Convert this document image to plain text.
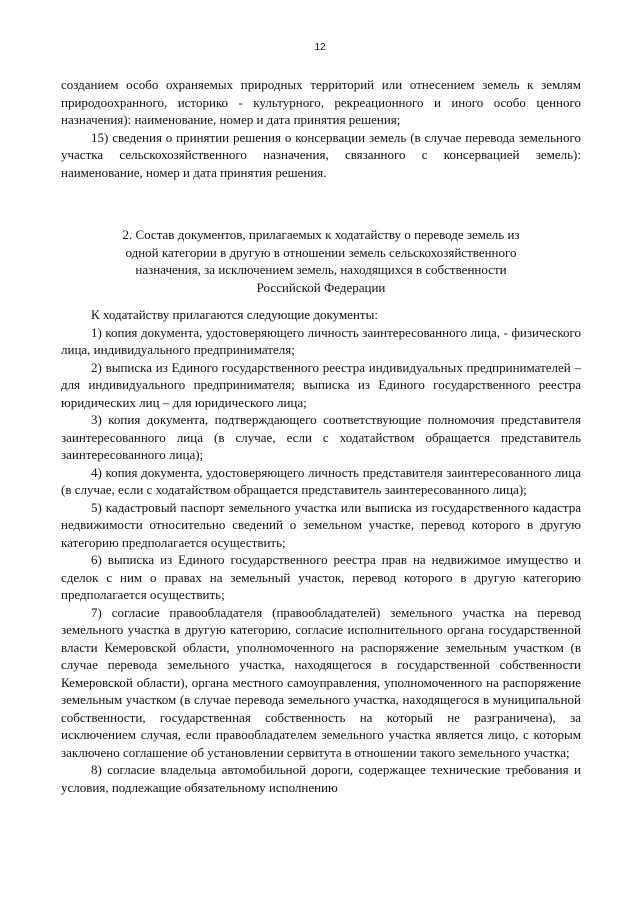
12

созданием особо охраняемых природных территорий или отнесением земель к землям природоохранного, историко - культурного, рекреационного и иного особо ценного назначения): наименование, номер и дата принятия решения;

15) сведения о принятии решения о консервации земель (в случае перевода земельного участка сельскохозяйственного назначения, связанного с консервацией земель): наименование, номер и дата принятия решения.

2. Состав документов, прилагаемых к ходатайству о переводе земель из

одной категории в другую в отношении земель сельскохозяйственного

назначения, за исключением земель, находящихся в собственности

Российской Федерации

К ходатайству прилагаются следующие документы:

1) копия документа, удостоверяющего личность заинтересованного лица, - физического лица, индивидуального предпринимателя;

2) выписка из Единого государственного реестра индивидуальных предпринимателей – для индивидуального предпринимателя; выписка из Единого государственного реестра юридических лиц – для юридического лица;

3) копия документа, подтверждающего соответствующие полномочия представителя заинтересованного лица (в случае, если с ходатайством обращается представитель заинтересованного лица);

4) копия документа, удостоверяющего личность представителя заинтересованного лица (в случае, если с ходатайством обращается представитель заинтересованного лица);

5) кадастровый паспорт земельного участка или выписка из государственного кадастра недвижимости относительно сведений о земельном участке, перевод которого в другую категорию предполагается осуществить;

6) выписка из Единого государственного реестра прав на недвижимое имущество и сделок с ним о правах на земельный участок, перевод которого в другую категорию предполагается осуществить;

7) согласие правообладателя (правообладателей) земельного участка на перевод земельного участка в другую категорию, согласие исполнительного органа государственной власти Кемеровской области, уполномоченного на распоряжение земельным участком (в случае перевода земельного участка, находящегося в государственной собственности Кемеровской области), органа местного самоуправления, уполномоченного на распоряжение земельным участком (в случае перевода земельного участка, находящегося в муниципальной собственности, государственная собственность на который не разграничена), за исключением случая, если правообладателем земельного участка является лицо, с которым заключено соглашение об установлении сервитута в отношении такого земельного участка;

8) согласие владельца автомобильной дороги, содержащее технические требования и условия, подлежащие обязательному исполнению
